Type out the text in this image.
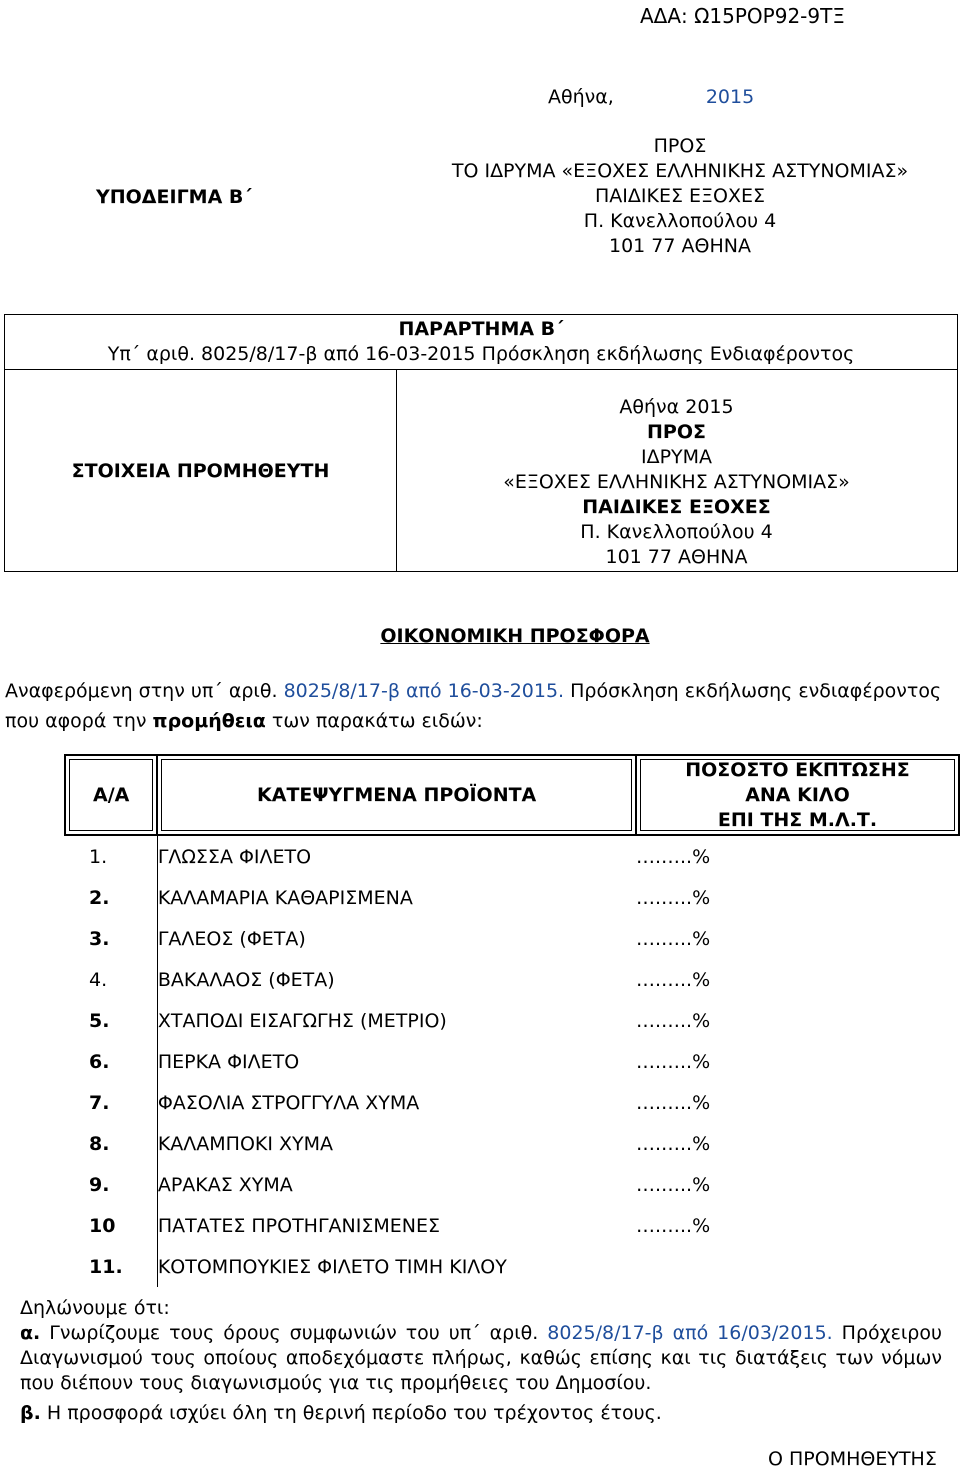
ΑΔΑ: Ω15ΡΟΡ92-9ΤΞ
Αθήνα,	2015
ΠΡΟΣ
ΤΟ ΙΔΡΥΜΑ «ΕΞΟΧΕΣ ΕΛΛΗΝΙΚΗΣ ΑΣΤΥΝΟΜΙΑΣ»
ΠΑΙΔΙΚΕΣ ΕΞΟΧΕΣ
Π. Κανελλοπούλου 4
101 77 ΑΘΗΝΑ
ΥΠΟΔΕΙΓΜΑ Β΄
ΠΑΡΑΡΤΗΜΑ Β΄
Υπ΄ αριθ. 8025/8/17-β από 16-03-2015 Πρόσκληση εκδήλωσης Ενδιαφέροντος
ΣΤΟΙΧΕΙΑ ΠΡΟΜΗΘΕΥΤΗ
Αθήνα 2015
ΠΡΟΣ
ΙΔΡΥΜΑ
«ΕΞΟΧΕΣ ΕΛΛΗΝΙΚΗΣ ΑΣΤΥΝΟΜΙΑΣ»
ΠΑΙΔΙΚΕΣ ΕΞΟΧΕΣ
Π. Κανελλοπούλου 4
101 77 ΑΘΗΝΑ
ΟΙΚΟΝΟΜΙΚΗ ΠΡΟΣΦΟΡΑ
Αναφερόμενη στην υπ΄ αριθ. 8025/8/17-β από 16-03-2015. Πρόσκληση εκδήλωσης ενδιαφέροντος που αφορά την προμήθεια των παρακάτω ειδών:
Α/Α	ΚΑΤΕΨΥΓΜΕΝΑ ΠΡΟΪΟΝΤΑ	ΠΟΣΟΣΤΟ ΕΚΠΤΩΣΗΣ
ΑΝΑ ΚΙΛΟ
ΕΠΙ ΤΗΣ Μ.Λ.Τ.

1.	ΓΛΩΣΣΑ ΦΙΛΕΤΟ	….…..%
2.	ΚΑΛΑΜΑΡΙΑ ΚΑΘΑΡΙΣΜΕΝΑ	….…..%
3.	ΓΑΛΕΟΣ (ΦΕΤΑ)	….…..%
4.	ΒΑΚΑΛΑΟΣ (ΦΕΤΑ)	….…..%
5.	ΧΤΑΠΟΔΙ ΕΙΣΑΓΩΓΗΣ (ΜΕΤΡΙΟ)	….…..%
6.	ΠΕΡΚΑ ΦΙΛΕΤΟ	….…..%
7.	ΦΑΣΟΛΙΑ ΣΤΡΟΓΓΥΛΑ ΧΥΜΑ	….…..%
8.	ΚΑΛΑΜΠΟΚΙ ΧΥΜΑ	….…..%
9.	ΑΡΑΚΑΣ ΧΥΜΑ	….…..%
10	ΠΑΤΑΤΕΣ ΠΡΟΤΗΓΑΝΙΣΜΕΝΕΣ	….…..%
11.	ΚΟΤΟΜΠΟΥΚΙΕΣ ΦΙΛΕΤΟ ΤΙΜΗ ΚΙΛΟΥ	
Δηλώνουμε ότι:
α. Γνωρίζουμε τους όρους συμφωνιών του υπ΄ αριθ. 8025/8/17-β από 16/03/2015. Πρόχειρου Διαγωνισμού τους οποίους αποδεχόμαστε πλήρως, καθώς επίσης και τις διατάξεις των νόμων που διέπουν τους διαγωνισμούς για τις προμήθειες του Δημοσίου.
β. Η προσφορά ισχύει όλη τη θερινή περίοδο του τρέχοντος έτους.
Ο ΠΡΟΜΗΘΕΥΤΗΣ
